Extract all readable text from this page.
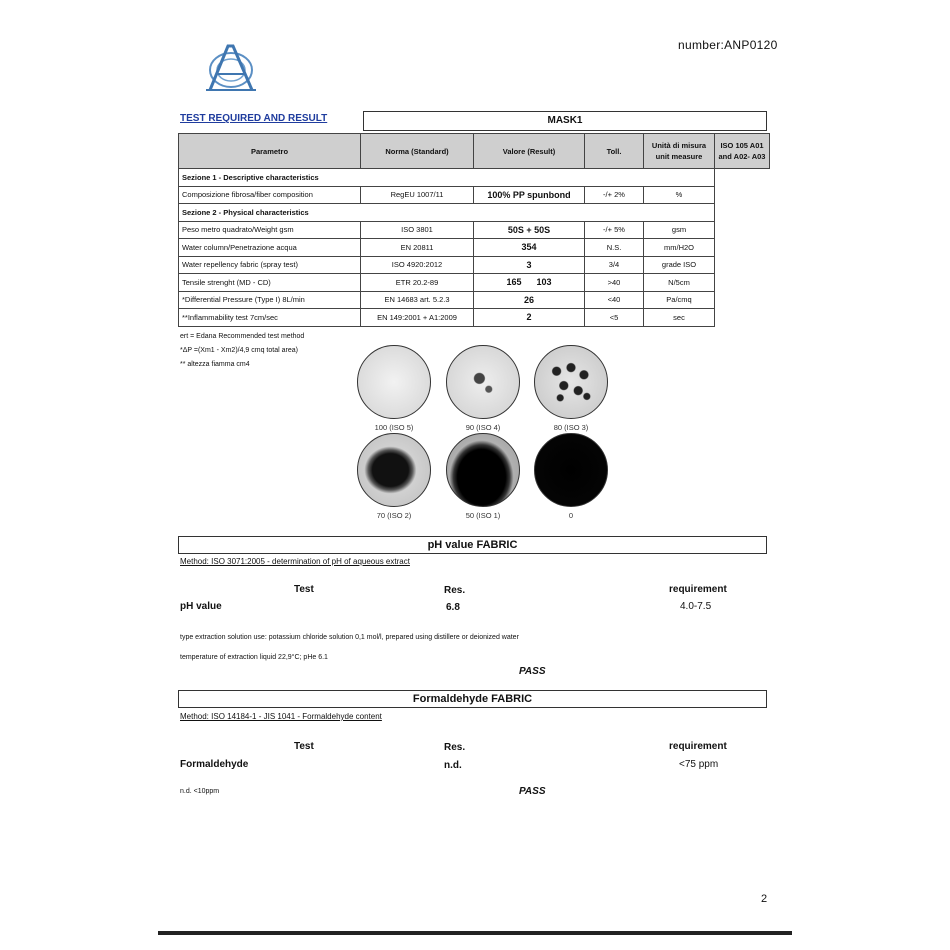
number:ANP0120
TEST REQUIRED AND RESULT	MASK1
Parametro	Norma (Standard)	Valore (Result)	Toll.	Unità di misura unit measure	ISO 105 A01 and A02- A03
Sezione 1 - Descriptive characteristics					
Composizione fibrosa/fiber composition	RegEU 1007/11	100% PP spunbond	-/+ 2%	%	
Sezione 2 - Physical characteristics					
Peso metro quadrato/Weight gsm	ISO 3801	50S + 50S	-/+ 5%	gsm	
Water column/Penetrazione acqua	EN 20811	354	N.S.	mm/H2O	
Water repellency fabric (spray test)	ISO 4920:2012	3	3/4	grade ISO	
Tensile strenght (MD - CD)	ETR 20.2-89	165      103	>40	N/5cm	
*Differential Pressure (Type I) 8L/min	EN 14683 art. 5.2.3	26	<40	Pa/cmq	
**Inflammability test 7cm/sec	EN 149:2001 + A1:2009	2	<5	sec	
ert = Edana Recommended test method
*ΔP =(Xm1 - Xm2)/4,9 cmq total area)
** altezza fiamma cm4
100 (ISO 5)	90 (ISO 4)	80 (ISO 3)
70 (ISO 2)	50 (ISO 1)	0
pH value FABRIC
Method: ISO 3071:2005 - determination of pH of aqueous extract
Test	Res.	requirement
pH value	6.8	4.0-7.5
type extraction solution use: potassium chloride solution 0,1 mol/l, prepared using distillere or deionized water
temperature of extraction liquid 22,9°C; pHe 6.1
PASS
Formaldehyde FABRIC
Method: ISO 14184-1 - JIS 1041 - Formaldehyde content
Test	Res.	requirement
Formaldehyde	n.d.	<75 ppm
n.d. <10ppm	PASS
2
